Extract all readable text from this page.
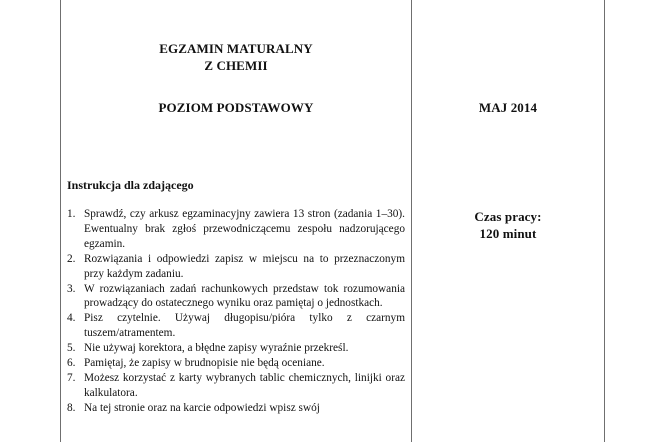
EGZAMIN MATURALNY
Z CHEMII
POZIOM PODSTAWOWY	MAJ 2014
Czas pracy:
120 minut
Instrukcja dla zdającego
1. Sprawdź, czy arkusz egzaminacyjny zawiera 13 stron (zadania 1–30). Ewentualny brak zgłoś przewodniczącemu zespołu nadzorującego egzamin.
2. Rozwiązania i odpowiedzi zapisz w miejscu na to przeznaczonym przy każdym zadaniu.
3. W rozwiązaniach zadań rachunkowych przedstaw tok rozumowania prowadzący do ostatecznego wyniku oraz pamiętaj o jednostkach.
4. Pisz czytelnie. Używaj długopisu/pióra tylko z czarnym tuszem/atramentem.
5. Nie używaj korektora, a błędne zapisy wyraźnie przekreśl.
6. Pamiętaj, że zapisy w brudnopisie nie będą oceniane.
7. Możesz korzystać z karty wybranych tablic chemicznych, linijki oraz kalkulatora.
8. Na tej stronie oraz na karcie odpowiedzi wpisz swój
